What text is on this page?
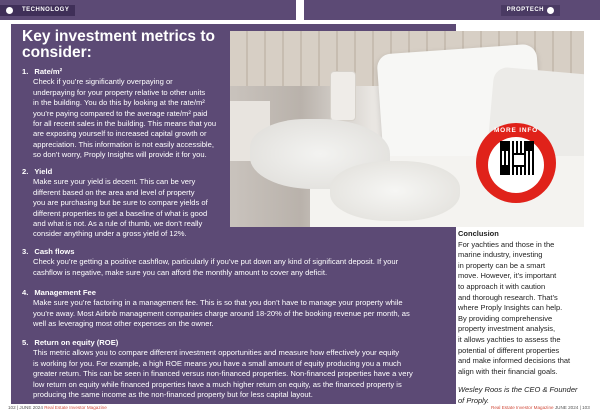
TECHNOLOGY	PROPTECH
Key investment metrics to consider:
1. Rate/m²
Check if you’re significantly overpaying or
underpaying for your property relative to other units
in the building. You do this by looking at the rate/m²
you’re paying compared to the average rate/m² paid
for all recent sales in the building. This means that you
are exposing yourself to increased capital growth or
appreciation. This information is not easily accessible,
so don’t worry, Proply Insights will provide it for you.
2. Yield
Make sure your yield is decent. This can be very
different based on the area and level of property
you are purchasing but be sure to compare yields of
different properties to get a baseline of what is good
and what is not. As a rule of thumb, we don’t really
consider anything under a gross yield of 12%.
3. Cash flows
Check you’re getting a positive cashflow, particularly if you’ve put down any kind of significant deposit. If your
cashflow is negative, make sure you can afford the monthly amount to cover any deficit.
4. Management Fee
Make sure you’re factoring in a management fee. This is so that you don’t have to manage your property while
you’re away. Most Airbnb management companies charge around 18-20% of the booking revenue per month, as
well as leveraging most other expenses on the owner.
5. Return on equity (ROE)
This metric allows you to compare different investment opportunities and measure how effectively your equity
is working for you. For example, a high ROE means you have a small amount of equity producing you a much
greater return. This can be seen in financed versus non-financed properties. Non-financed properties have a very
low return on equity while financed properties have a much higher return on equity, as the financed property is
producing the same income as the non-financed property but for less capital layout.
MORE INFO
Conclusion
For yachties and those in the
marine industry, investing
in property can be a smart
move. However, it’s important
to approach it with caution
and thorough research. That’s
where Proply Insights can help.
By providing comprehensive
property investment analysis,
it allows yachties to assess the
potential of different properties
and make informed decisions that
align with their financial goals.
Wesley Roos is the CEO & Founder
of Proply.
102 | JUNE 2024 Real Estate Investor Magazine	Real Estate Investor Magazine JUNE 2024 | 103
